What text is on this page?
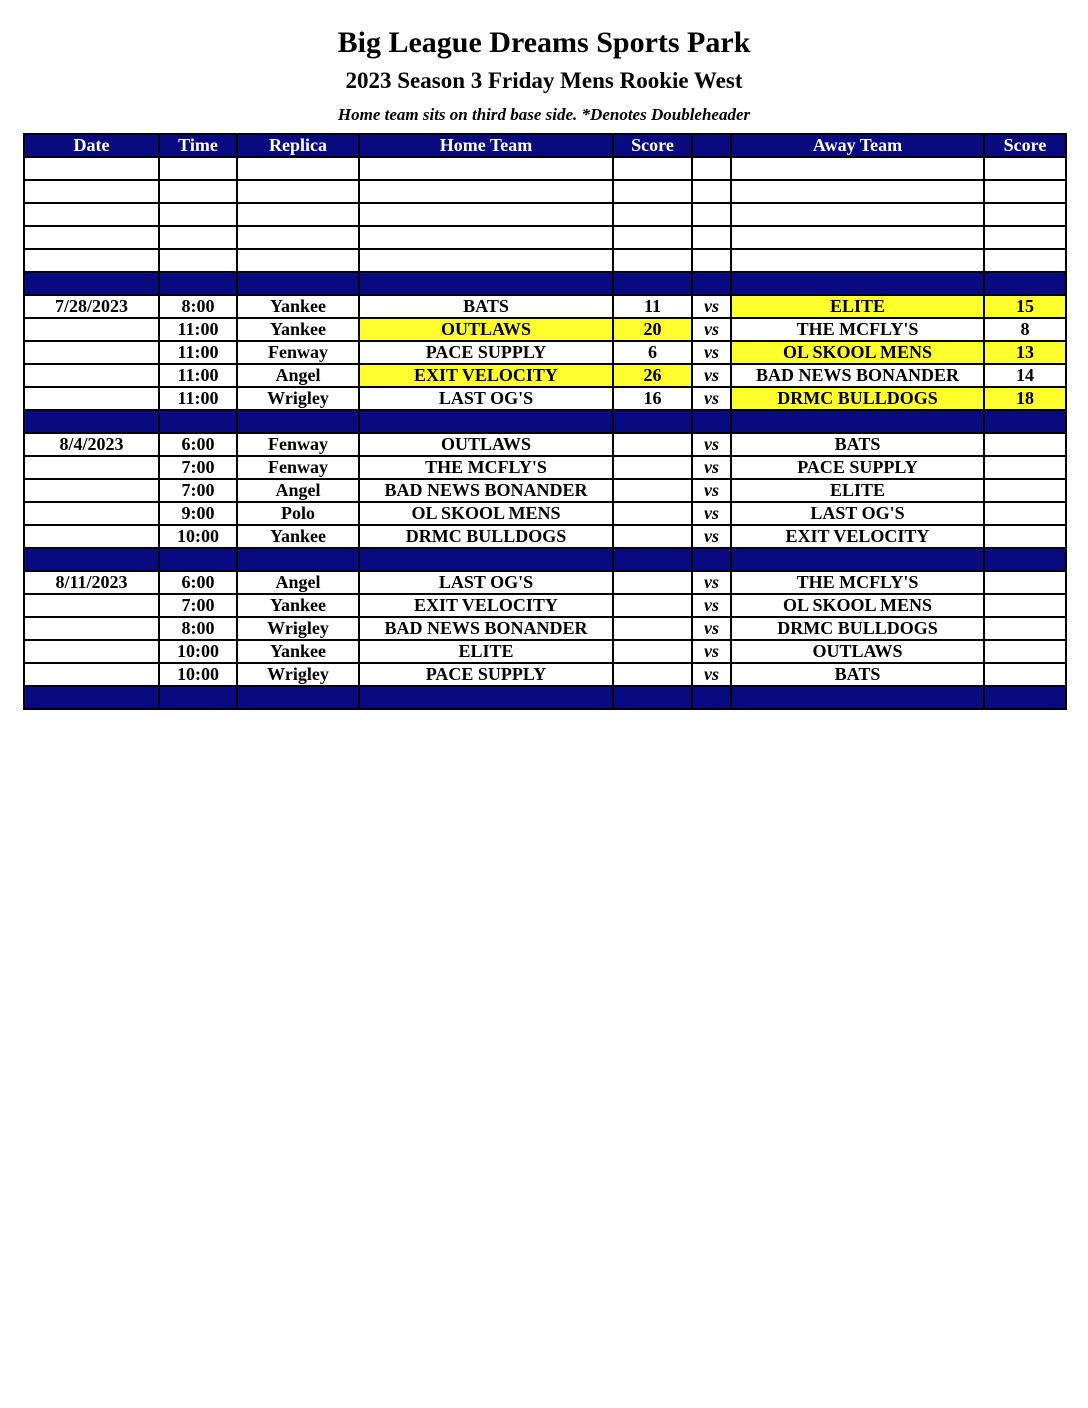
Big League Dreams Sports Park
2023 Season 3 Friday Mens Rookie West
Home team sits on third base side. *Denotes Doubleheader
Date	Time	Replica	Home Team	Score		Away Team	Score

7/28/2023	8:00	Yankee	BATS	11	vs	ELITE	15
	11:00	Yankee	OUTLAWS	20	vs	THE MCFLY'S	8
	11:00	Fenway	PACE SUPPLY	6	vs	OL SKOOL MENS	13
	11:00	Angel	EXIT VELOCITY	26	vs	BAD NEWS BONANDER	14
	11:00	Wrigley	LAST OG'S	16	vs	DRMC BULLDOGS	18

8/4/2023	6:00	Fenway	OUTLAWS		vs	BATS	
	7:00	Fenway	THE MCFLY'S		vs	PACE SUPPLY	
	7:00	Angel	BAD NEWS BONANDER		vs	ELITE	
	9:00	Polo	OL SKOOL MENS		vs	LAST OG'S	
	10:00	Yankee	DRMC BULLDOGS		vs	EXIT VELOCITY	

8/11/2023	6:00	Angel	LAST OG'S		vs	THE MCFLY'S	
	7:00	Yankee	EXIT VELOCITY		vs	OL SKOOL MENS	
	8:00	Wrigley	BAD NEWS BONANDER		vs	DRMC BULLDOGS	
	10:00	Yankee	ELITE		vs	OUTLAWS	
	10:00	Wrigley	PACE SUPPLY		vs	BATS	
